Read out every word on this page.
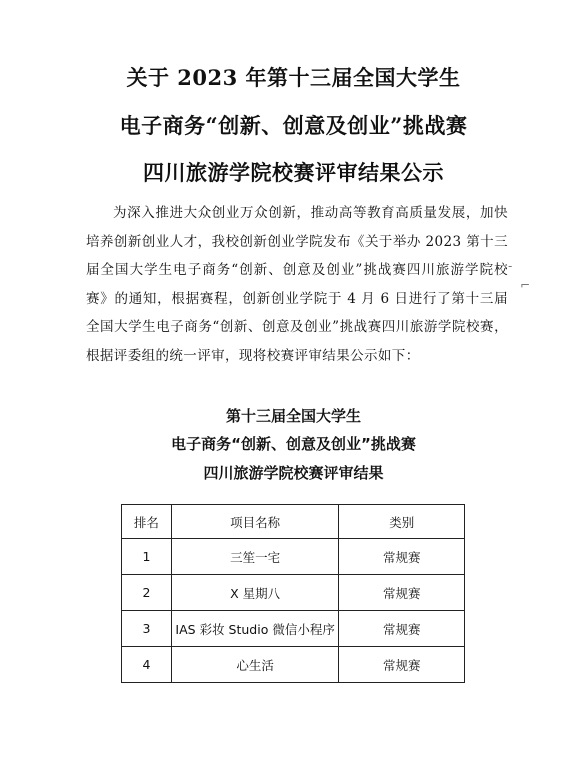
关于 2023 年第十三届全国大学生
电子商务“创新、创意及创业”挑战赛
四川旅游学院校赛评审结果公示
为深入推进大众创业万众创新，推动高等教育高质量发展，加快培养创新创业人才，我校创新创业学院发布《关于举办 2023 第十三届全国大学生电子商务“创新、创意及创业”挑战赛四川旅游学院校赛》的通知，根据赛程，创新创业学院于 4 月 6 日进行了第十三届全国大学生电子商务“创新、创意及创业”挑战赛四川旅游学院校赛，根据评委组的统一评审，现将校赛评审结果公示如下：
‑
⌐
第十三届全国大学生
电子商务“创新、创意及创业”挑战赛
四川旅游学院校赛评审结果
排名	项目名称	类别
1	三笙一宅	常规赛
2	X 星期八	常规赛
3	IAS 彩妆 Studio 微信小程序	常规赛
4	心生活	常规赛
